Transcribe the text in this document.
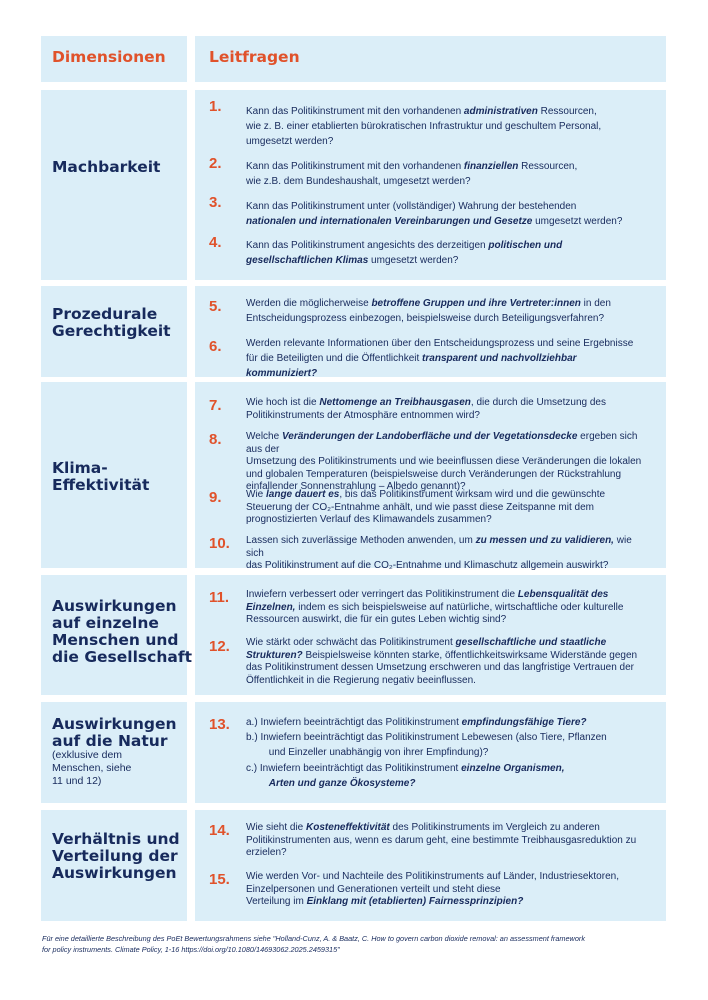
Dimensionen	Leitfragen
Machbarkeit
Prozedurale
Gerechtigkeit
Klima-
Effektivität
Auswirkungen
auf einzelne
Menschen und
die Gesellschaft
Auswirkungen
auf die Natur
(exklusive dem
Menschen, siehe
11 und 12)
Verhältnis und
Verteilung der
Auswirkungen
1.
2.
3.
4.
5.
6.
7.
8.
9.
10.
11.
12.
13.
14.
15.
Kann das Politikinstrument mit den vorhandenen administrativen Ressourcen,
wie z. B. einer etablierten bürokratischen Infrastruktur und geschultem Personal,
umgesetzt werden?
Kann das Politikinstrument mit den vorhandenen finanziellen Ressourcen,
wie z.B. dem Bundeshaushalt, umgesetzt werden?
Kann das Politikinstrument unter (vollständiger) Wahrung der bestehenden
nationalen und internationalen Vereinbarungen und Gesetze umgesetzt werden?
Kann das Politikinstrument angesichts des derzeitigen politischen und
gesellschaftlichen Klimas umgesetzt werden?
Werden die möglicherweise betroffene Gruppen und ihre Vertreter:innen in den
Entscheidungsprozess einbezogen, beispielsweise durch Beteiligungsverfahren?
Werden relevante Informationen über den Entscheidungsprozess und seine Ergebnisse
für die Beteiligten und die Öffentlichkeit transparent und nachvollziehbar kommuniziert?
Wie hoch ist die Nettomenge an Treibhausgasen, die durch die Umsetzung des
Politikinstruments der Atmosphäre entnommen wird?
Welche Veränderungen der Landoberfläche und der Vegetationsdecke ergeben sich aus der
Umsetzung des Politikinstruments und wie beeinflussen diese Veränderungen die lokalen
und globalen Temperaturen (beispielsweise durch Veränderungen der Rückstrahlung
einfallender Sonnenstrahlung – Albedo genannt)?
Wie lange dauert es, bis das Politikinstrument wirksam wird und die gewünschte
Steuerung der CO₂-Entnahme anhält, und wie passt diese Zeitspanne mit dem
prognostizierten Verlauf des Klimawandels zusammen?
Lassen sich zuverlässige Methoden anwenden, um zu messen und zu validieren, wie sich
das Politikinstrument auf die CO₂-Entnahme und Klimaschutz allgemein auswirkt?
Inwiefern verbessert oder verringert das Politikinstrument die Lebensqualität des
Einzelnen, indem es sich beispielsweise auf natürliche, wirtschaftliche oder kulturelle
Ressourcen auswirkt, die für ein gutes Leben wichtig sind?
Wie stärkt oder schwächt das Politikinstrument gesellschaftliche und staatliche
Strukturen? Beispielsweise könnten starke, öffentlichkeitswirksame Widerstände gegen
das Politikinstrument dessen Umsetzung erschweren und das langfristige Vertrauen der
Öffentlichkeit in die Regierung negativ beeinflussen.
a.) Inwiefern beeinträchtigt das Politikinstrument empfindungsfähige Tiere?
b.) Inwiefern beeinträchtigt das Politikinstrument Lebewesen (also Tiere, Pflanzen
   und Einzeller unabhängig von ihrer Empfindung)?
c.) Inwiefern beeinträchtigt das Politikinstrument einzelne Organismen,
   Arten und ganze Ökosysteme?
Wie sieht die Kosteneffektivität des Politikinstruments im Vergleich zu anderen
Politikinstrumenten aus, wenn es darum geht, eine bestimmte Treibhausgasreduktion zu
erzielen?
Wie werden Vor- und Nachteile des Politikinstruments auf Länder, Industriesektoren,
Einzelpersonen und Generationen verteilt und steht diese
Verteilung im Einklang mit (etablierten) Fairnessprinzipien?
Für eine detaillierte Beschreibung des PoEt Bewertungsrahmens siehe "Holland-Cunz, A. & Baatz, C. How to govern carbon dioxide removal: an assessment framework
for policy instruments. Climate Policy, 1-16 https://doi.org/10.1080/14693062.2025.2459315"
